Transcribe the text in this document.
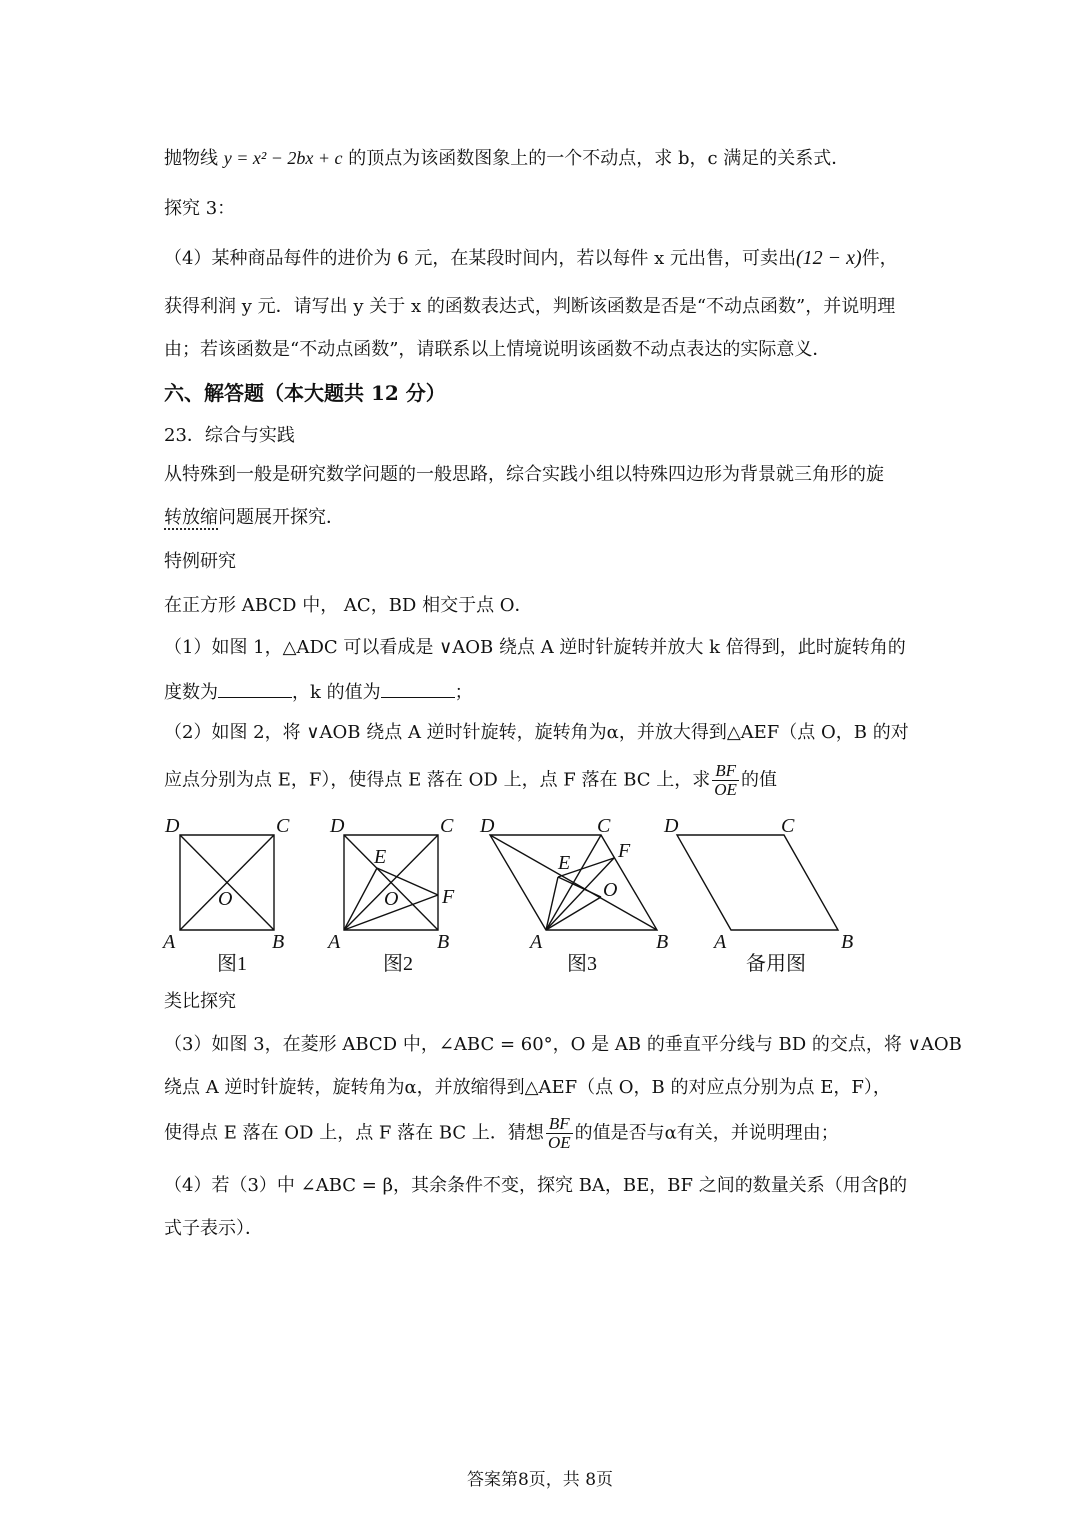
抛物线 y = x² − 2bx + c 的顶点为该函数图象上的一个不动点，求 b，c 满足的关系式．
探究 3：
（4）某种商品每件的进价为 6 元，在某段时间内，若以每件 x 元出售，可卖出(12 − x)件，
获得利润 y 元．请写出 y 关于 x 的函数表达式，判断该函数是否是“不动点函数”，并说明理
由；若该函数是“不动点函数”，请联系以上情境说明该函数不动点表达的实际意义．
六、解答题（本大题共 12 分）
23．综合与实践
从特殊到一般是研究数学问题的一般思路，综合实践小组以特殊四边形为背景就三角形的旋
转放缩问题展开探究．
特例研究
在正方形 ABCD 中， AC，BD 相交于点 O．
（1）如图 1，△ADC 可以看成是 ∨AOB 绕点 A 逆时针旋转并放大 k 倍得到，此时旋转角的
度数为	，k 的值为	；
（2）如图 2，将 ∨AOB 绕点 A 逆时针旋转，旋转角为α，并放大得到△AEF（点 O，B 的对
应点分别为点 E，F），使得点 E 落在 OD 上，点 F 落在 BC 上，求 $\frac{BF}{OE}$ 的值
D	C
A	B
O
D	C
A	B
E
O F
D	C
A	B
E
F
O
D	C
A	B
图1	图2	图3	备用图
类比探究
（3）如图 3，在菱形 ABCD 中，∠ABC = 60°，O 是 AB 的垂直平分线与 BD 的交点，将 ∨AOB
绕点 A 逆时针旋转，旋转角为α，并放缩得到△AEF（点 O，B 的对应点分别为点 E，F），
使得点 E 落在 OD 上，点 F 落在 BC 上．猜想 $\frac{BF}{OE}$ 的值是否与α有关，并说明理由；
（4）若（3）中 ∠ABC = β，其余条件不变，探究 BA，BE，BF 之间的数量关系（用含β的
式子表示）．
答案第8页，共 8页
